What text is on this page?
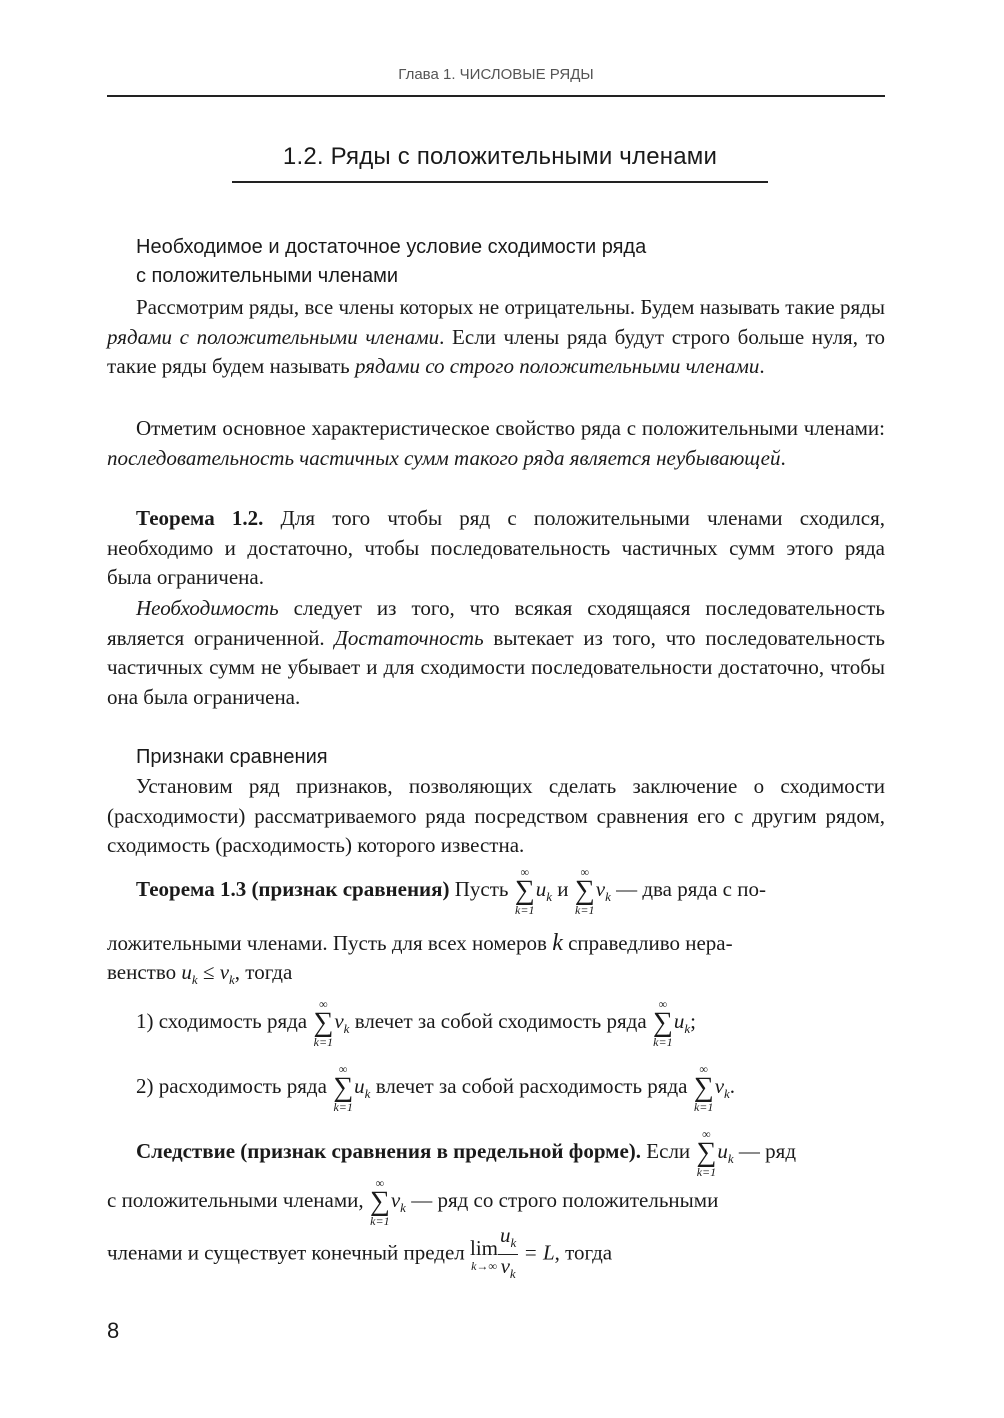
Глава 1. ЧИСЛОВЫЕ РЯДЫ
1.2. Ряды с положительными членами
Необходимое и достаточное условие сходимости ряда
с положительными членами

Рассмотрим ряды, все члены которых не отрицательны. Будем называть такие ряды рядами с положительными членами. Если члены ряда будут строго больше нуля, то такие ряды будем называть рядами со строго положительными членами.

Отметим основное характеристическое свойство ряда с положительными членами: последовательность частичных сумм такого ряда является неубывающей.

Теорема 1.2. Для того чтобы ряд с положительными членами сходился, необходимо и достаточно, чтобы последовательность частичных сумм этого ряда была ограничена.

Необходимость следует из того, что всякая сходящаяся последовательность является ограниченной. Достаточность вытекает из того, что последовательность частичных сумм не убывает и для сходимости последовательности достаточно, чтобы она была ограничена.

Признаки сравнения

Установим ряд признаков, позволяющих сделать заключение о сходимости (расходимости) рассматриваемого ряда посредством сравнения его с другим рядом, сходимость (расходимость) которого известна.

Теорема 1.3 (признак сравнения) Пусть
∞
∑
k=1
$u_k$ и
∞
∑
k=1
$v_k$ — два ряда с по-
ложительными членами. Пусть для всех номеров k справедливо нера-
венство $u_k \le v_k$, тогда
1) сходимость ряда
∞
∑
k=1
$v_k$ влечет за собой сходимость ряда
∞
∑
k=1
$u_k$;
2) расходимость ряда
∞
∑
k=1
$u_k$ влечет за собой расходимость ряда
∞
∑
k=1
$v_k$.
Следствие (признак сравнения в предельной форме). Если
∞
∑
k=1
$u_k$ — ряд
с положительными членами,
∞
∑
k=1
$v_k$ — ряд со строго положительными
членами и существует конечный предел lim
$k\to\infty \frac{u_k}{v_k} = L$, тогда
8
